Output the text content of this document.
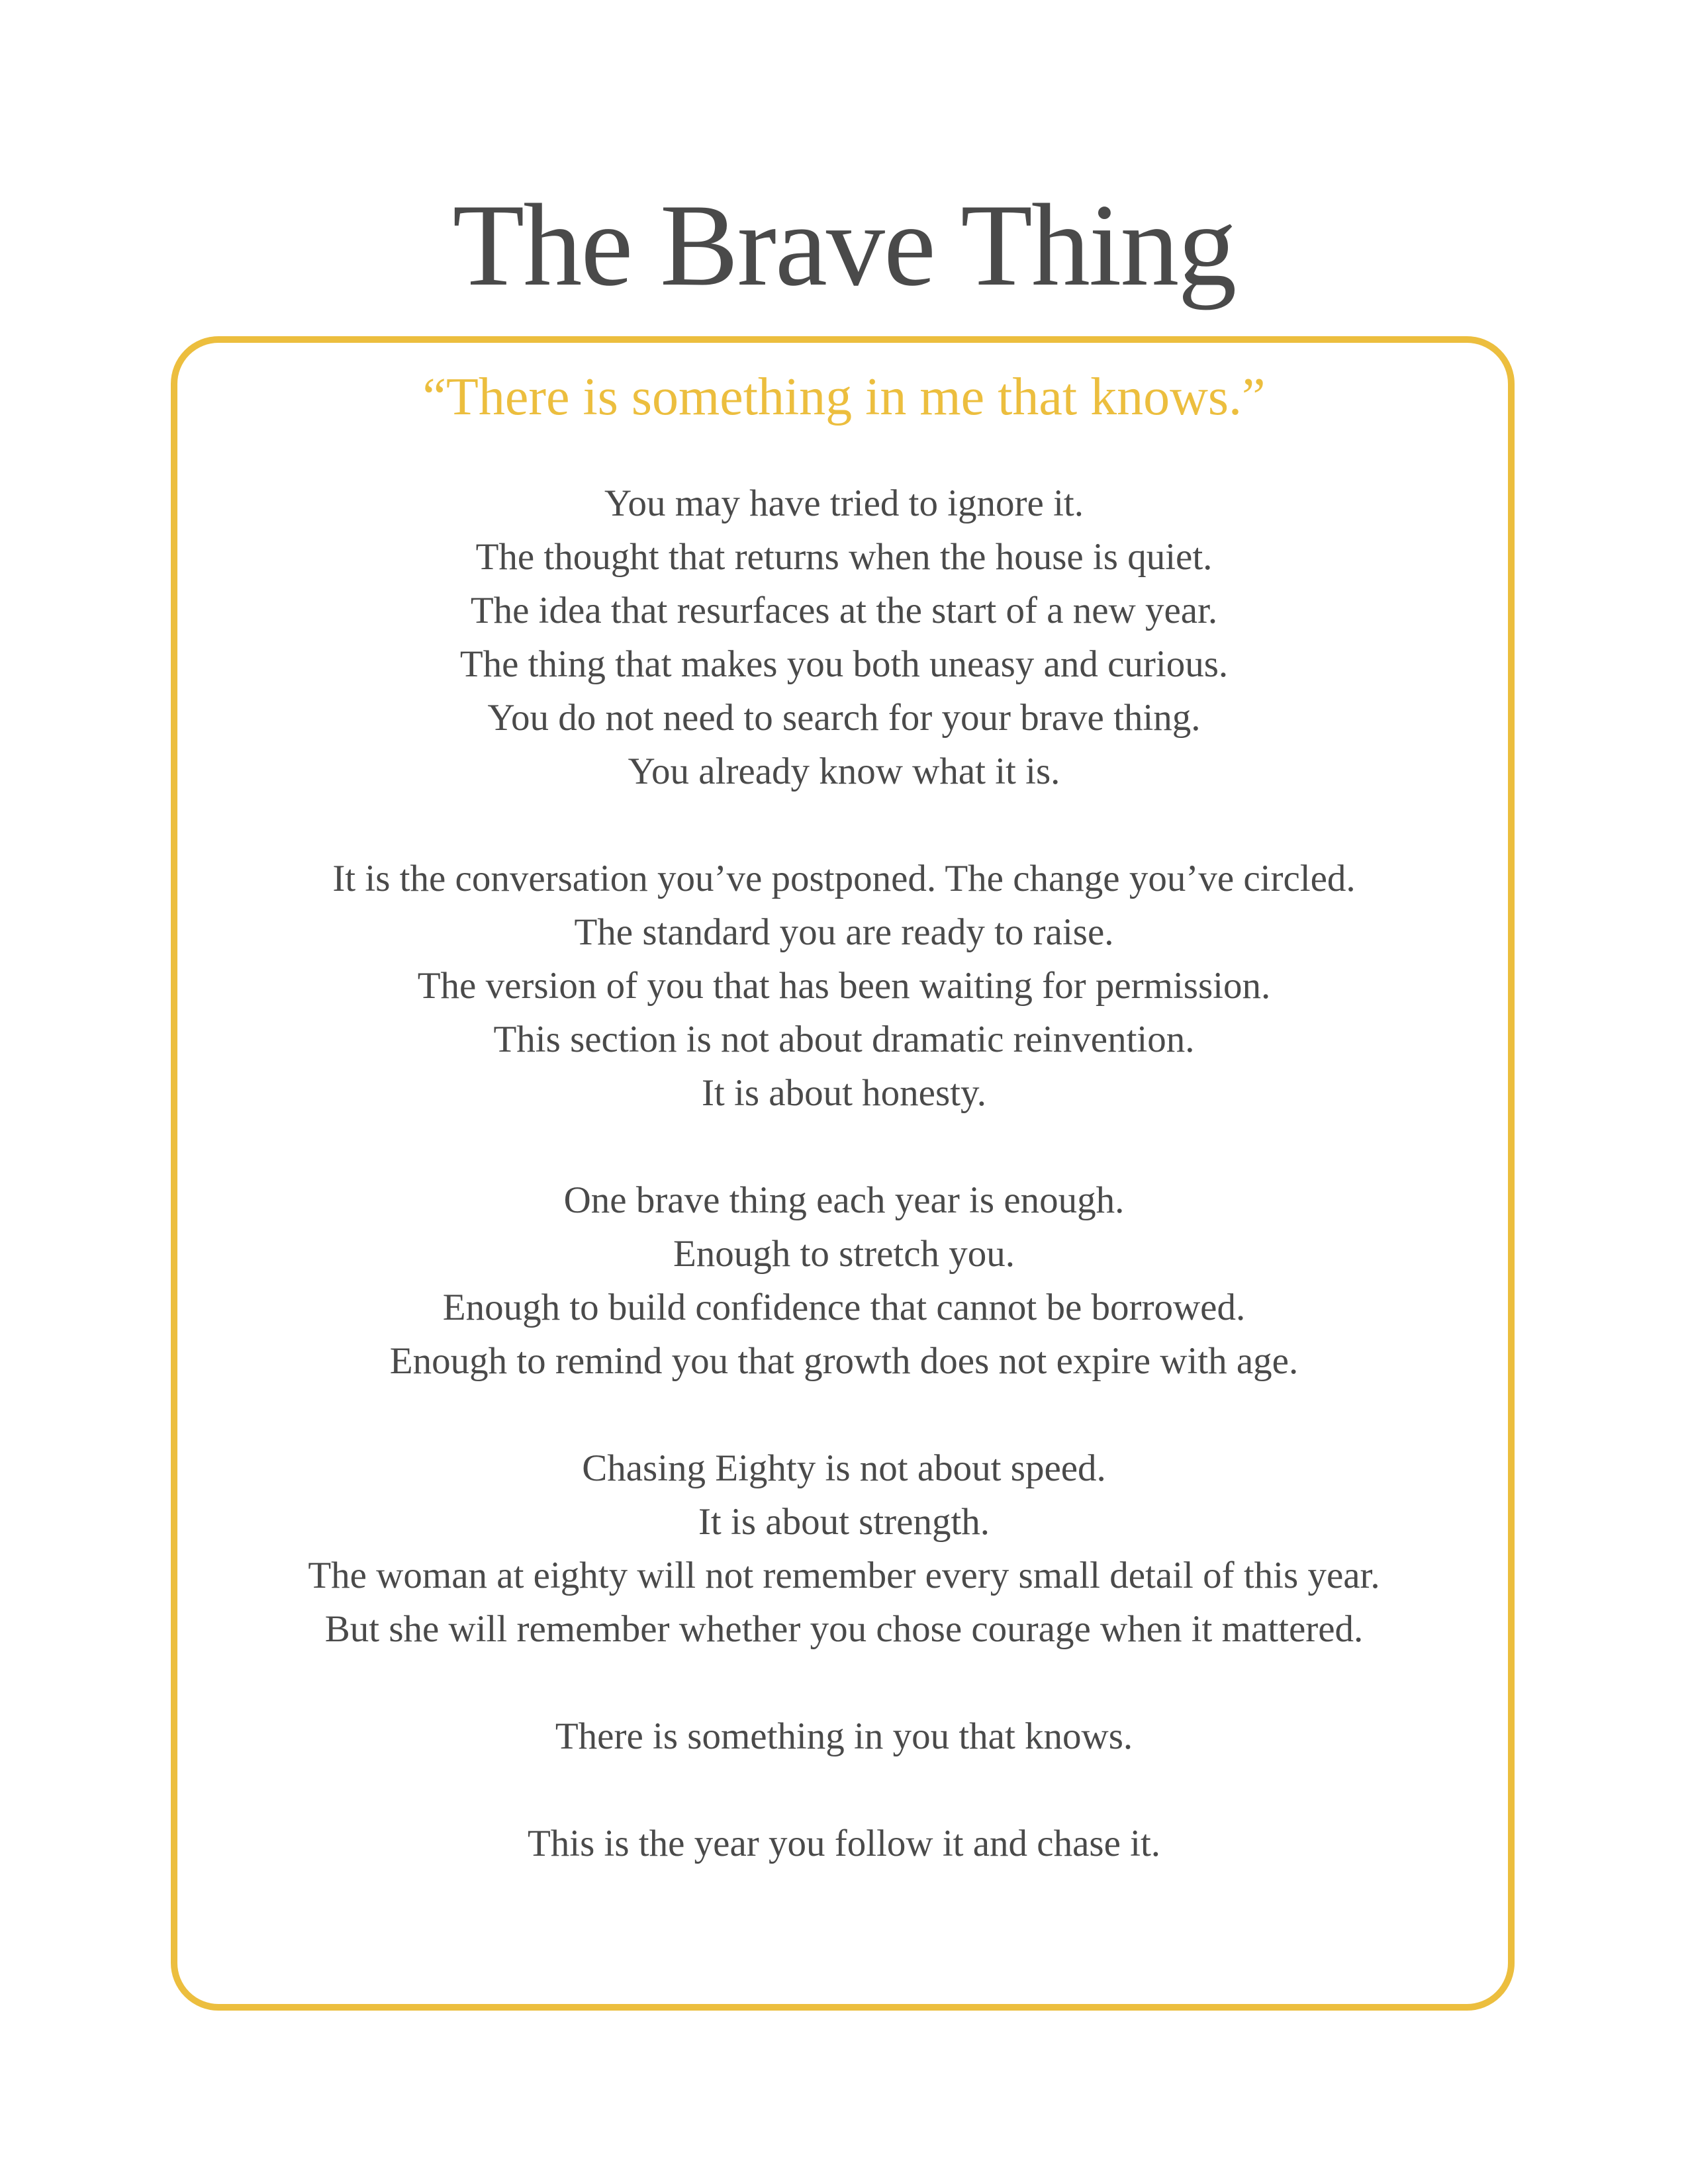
The Brave Thing

“There is something in me that knows.”

You may have tried to ignore it.
The thought that returns when the house is quiet.
The idea that resurfaces at the start of a new year.
The thing that makes you both uneasy and curious.
You do not need to search for your brave thing.
You already know what it is.

It is the conversation you’ve postponed. The change you’ve circled.
The standard you are ready to raise.
The version of you that has been waiting for permission.
This section is not about dramatic reinvention.
It is about honesty.

One brave thing each year is enough.
Enough to stretch you.
Enough to build confidence that cannot be borrowed.
Enough to remind you that growth does not expire with age.

Chasing Eighty is not about speed.
It is about strength.
The woman at eighty will not remember every small detail of this year.
But she will remember whether you chose courage when it mattered.

There is something in you that knows.

This is the year you follow it and chase it.
